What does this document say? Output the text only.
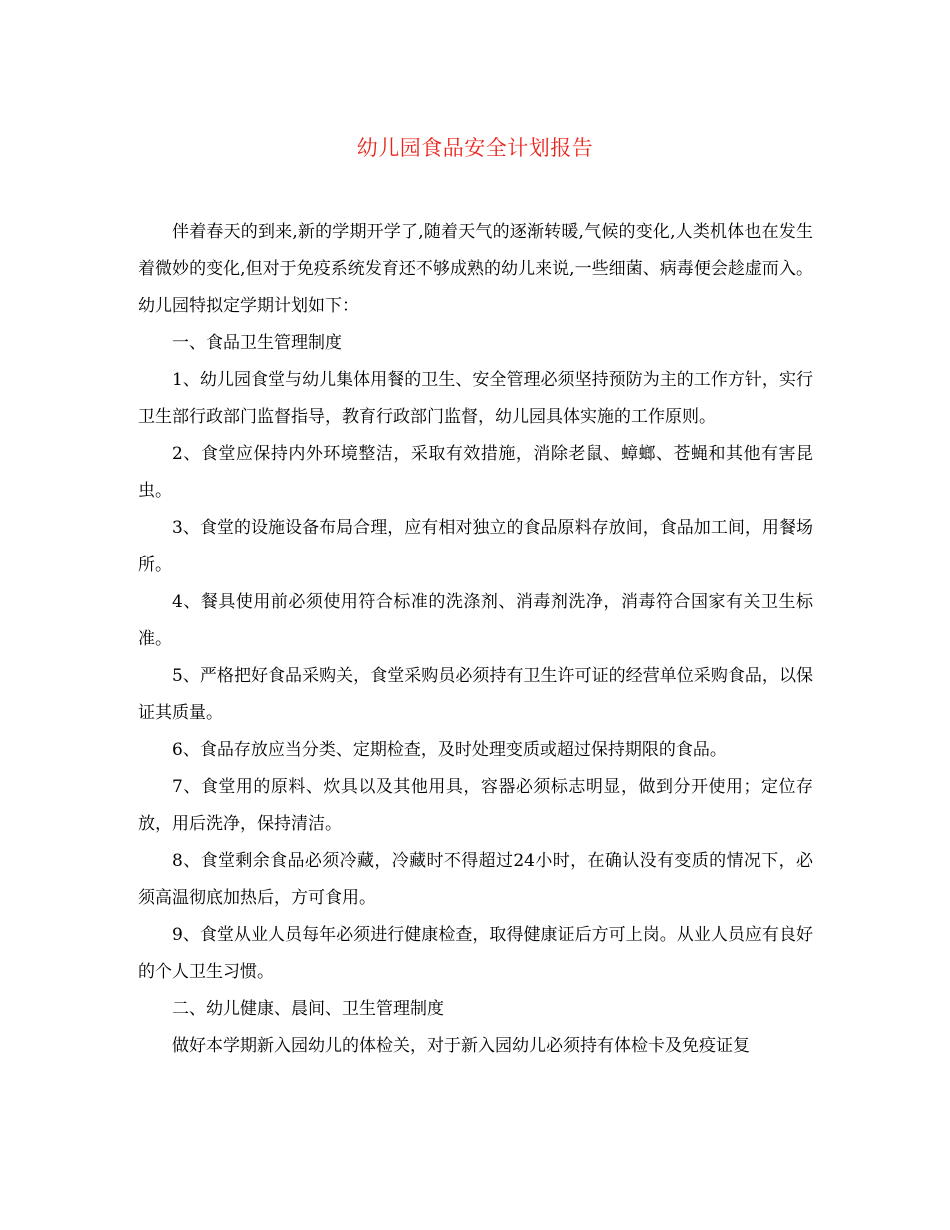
幼儿园食品安全计划报告

伴着春天的到来,新的学期开学了,随着天气的逐渐转暖,气候的变化,人类机体也在发生着微妙的变化,但对于免疫系统发育还不够成熟的幼儿来说,一些细菌、病毒便会趁虚而入。幼儿园特拟定学期计划如下：

一、食品卫生管理制度

1、幼儿园食堂与幼儿集体用餐的卫生、安全管理必须坚持预防为主的工作方针，实行卫生部行政部门监督指导，教育行政部门监督，幼儿园具体实施的工作原则。

2、食堂应保持内外环境整洁，采取有效措施，消除老鼠、蟑螂、苍蝇和其他有害昆虫。

3、食堂的设施设备布局合理，应有相对独立的食品原料存放间，食品加工间，用餐场所。

4、餐具使用前必须使用符合标准的洗涤剂、消毒剂洗净，消毒符合国家有关卫生标准。

5、严格把好食品采购关，食堂采购员必须持有卫生许可证的经营单位采购食品，以保证其质量。

6、食品存放应当分类、定期检查，及时处理变质或超过保持期限的食品。

7、食堂用的原料、炊具以及其他用具，容器必须标志明显，做到分开使用；定位存放，用后洗净，保持清洁。

8、食堂剩余食品必须冷藏，冷藏时不得超过24小时，在确认没有变质的情况下，必须高温彻底加热后，方可食用。

9、食堂从业人员每年必须进行健康检查，取得健康证后方可上岗。从业人员应有良好的个人卫生习惯。

二、幼儿健康、晨间、卫生管理制度

做好本学期新入园幼儿的体检关，对于新入园幼儿必须持有体检卡及免疫证复
